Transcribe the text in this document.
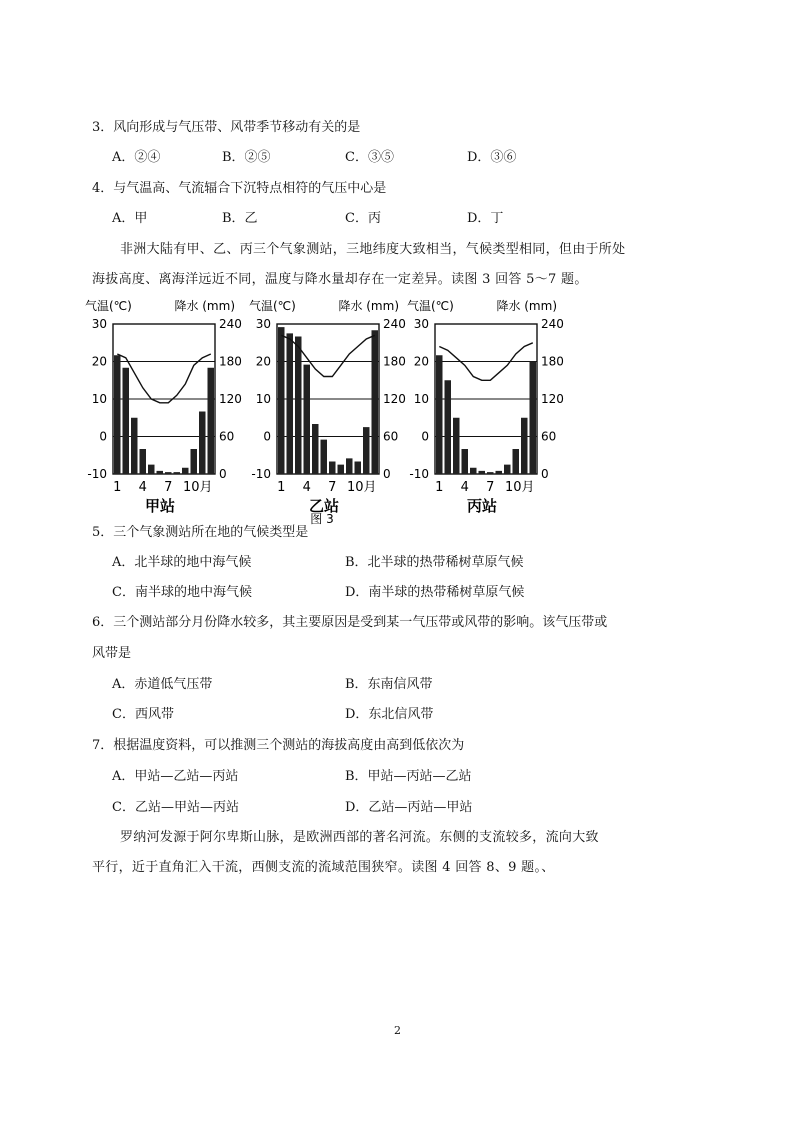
3．风向形成与气压带、风带季节移动有关的是
A．②④	B．②⑤	C．③⑤	D．③⑥
4．与气温高、气流辐合下沉特点相符的气压中心是
A．甲	B．乙	C．丙	D．丁
非洲大陆有甲、乙、丙三个气象测站，三地纬度大致相当，气候类型相同，但由于所处
海拔高度、离海洋远近不同，温度与降水量却存在一定差异。读图 3 回答 5～7 题。
30
20
10
0
-10
240
180
120
60
0
1 4 7 10月
甲站
气温(℃)	降水 (mm)
30
20
10
0
-10
240
180
120
60
0
1 4 7 10月
乙站
气温(℃)	降水 (mm)
30
20
10
0
-10
240
180
120
60
0
1 4 7 10月
丙站
气温(℃)	降水 (mm)
图 3
5．三个气象测站所在地的气候类型是
A．北半球的地中海气候	B．北半球的热带稀树草原气候
C．南半球的地中海气候	D．南半球的热带稀树草原气候
6．三个测站部分月份降水较多，其主要原因是受到某一气压带或风带的影响。该气压带或
风带是
A．赤道低气压带	B．东南信风带
C．西风带	D．东北信风带
7．根据温度资料，可以推测三个测站的海拔高度由高到低依次为
A．甲站—乙站—丙站	B．甲站—丙站—乙站
C．乙站—甲站—丙站	D．乙站—丙站—甲站
罗纳河发源于阿尔卑斯山脉，是欧洲西部的著名河流。东侧的支流较多，流向大致
平行，近于直角汇入干流，西侧支流的流域范围狭窄。读图 4 回答 8、9 题。、
2
